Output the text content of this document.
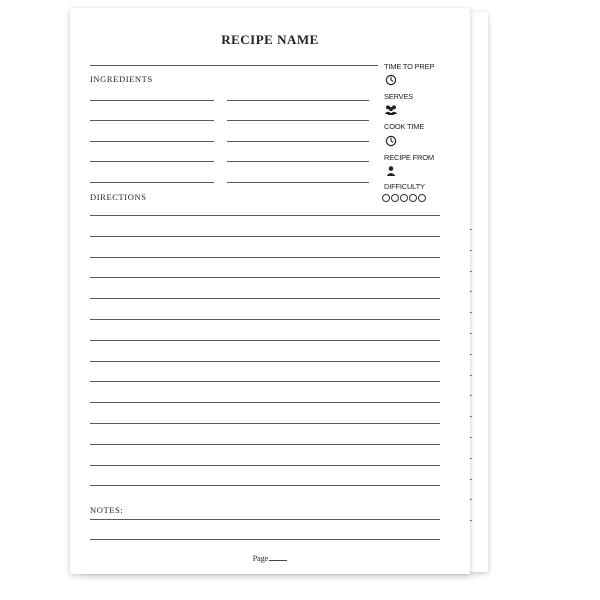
RECIPE NAME

INGREDIENTS

DIRECTIONS

NOTES:

TIME TO PREP
SERVES
COOK TIME
RECIPE FROM
DIFFICULTY
Page
